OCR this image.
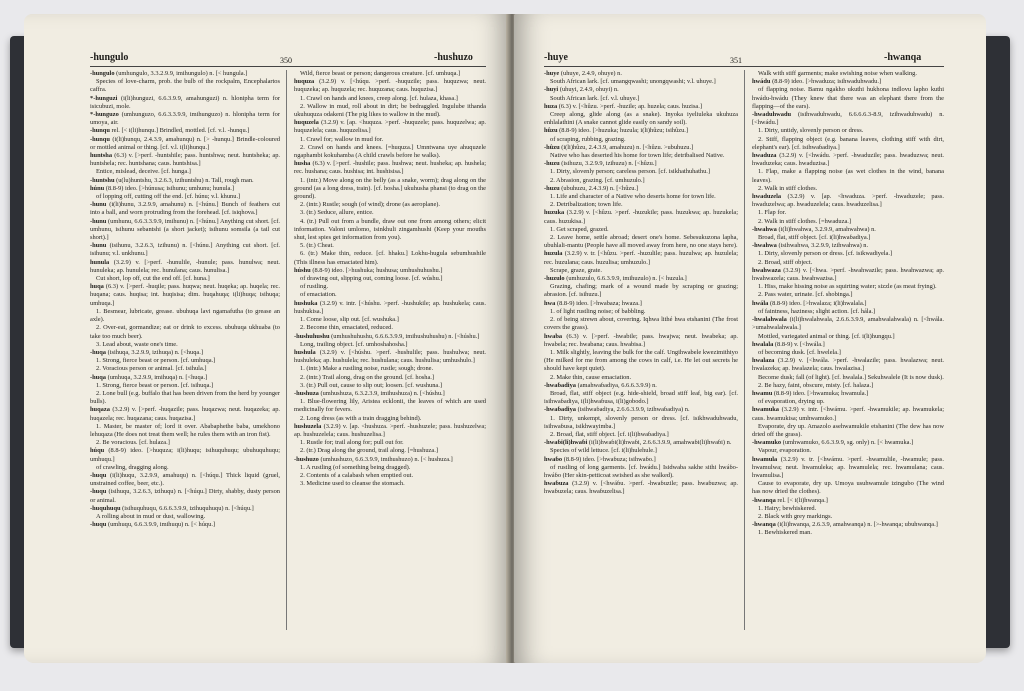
-hungulo	350	-hushuzo

-hungulo (umhungulo, 3.3.2.9.9, imihungulo) n. [< hungula.]

Species of love-charm, prob. the bulb of the rockpalm, Encephalartos caffra.

*-hunguzi (i(li)hunguzi, 6.6.3.9.9, amahunguzi) n. hlonipha term for isicubuzi, mole.

*-hunguzo (umhunguzo, 6.6.3.3.9.9, imihunguzo) n. hlonipha term for umoya, air.

-hunqu rel. [< i(li)hunqu.] Brindled, mottled. [cf. v.l. -hunqu.]

-hunqu (i(li)hunqu, 2.4.3.9, amahunqu) n. [> -hunqu.] Brindle-coloured or mottled animal or thing. [cf. v.l. i(li)hunqu.]

huntsha (6.3) v. [>perf. -huntshile; pass. huntshwa; neut. huntsheka; ap. huntshela; rec. huntshana; caus. huntshisa.]

Entice, mislead, deceive. [cf. hunga.]

-huntshu (u(lu)huntshu, 3.2.6.3, izihuntshu) n. Tall, rough man.

húnu (8.8-9) ideo. [>húnusa; isihunu; umhunu; hunula.]

of lopping off, cutting off the end. [cf. húnu; v.l. khunu.]

-hunu (i(li)hunu, 3.2.9.9, amahunu) n. [<húnu.] Bunch of feathers cut into a ball, and worn protruding from the forehead. [cf. isiqhova.]

-hunu (umhunu, 6.6.3.3.9.9, imihunu) n. [<húnu.] Anything cut short. [cf. umhunu, isihunu sebantshi (a short jacket); isihunu somsila (a tail cut short).]

-hunu (isihunu, 3.2.6.3, izihunu) n. [<húnu.] Anything cut short. [cf. isihunu; v.l. unkhunu.]

hunula (3.2.9) v. [>perf. -hunulile, -hunule; pass. hunulwa; neut. hunuleka; ap. hunulela; rec. hunulana; caus. hunulisa.]

Cut short, lop off, cut the end off. [cf. huna.]

huqa (6.3) v. [>perf. -huqile; pass. huqwa; neut. huqeka; ap. huqela; rec. huqana; caus. huqisa; int. huqisisa; dim. huqahuqa; i(li)huqa; isihuqa; umhuqa.]

1. Besmear, lubricate, grease. ubuhuqa lavi ngamafutha (to grease an axle).

2. Over-eat, gormandize; eat or drink to excess. ubuhuqa ukhuaba (to take too much beer).

3. Lead about, waste one's time.

-huqa (isihuqa, 3.2.9.9, izihuqa) n. [<huqa.]

1. Strong, fierce beast or person. [cf. umhuqa.]

2. Voracious person or animal. [cf. isihula.]

-huqa (umhuqa, 3.2.9.9, imihuqa) n. [<huqa.]

1. Strong, fierce beast or person. [cf. isihuqa.]

2. Lone bull (e.g. buffalo that has been driven from the herd by younger bulls).

huqaza (3.2.9) v. [>perf. -huqazile; pass. huqazwa; neut. huqazeka; ap. huqazela; rec. huqazana; caus. huqazisa.]

1. Master, be master of; lord it over. Ababaphethe baba, umekhono lehuqaza (He does not treat them well; he rules them with an iron fist).

2. Be voracious. [cf. hulaza.]

húqu (8.8-9) ideo. [>huquza; i(li)huqu; isihuquhuqu; ubuhuquhuqu; umhuqu.]

of crawling, dragging along.

-huqu (i(li)huqu, 3.2.9.9, amahuqu) n. [<húqu.] Thick liquid (gruel, unstrained coffee, beer, etc.).

-huqu (isihuqu, 3.2.6.3, izihuqu) n. [<húqu.] Dirty, shabby, dusty person or animal.

-huquhuqu (isihuquhuqu, 6.6.6.3.9.9, izihuquhuqu) n. [<húqu.]

A rolling about in mud or dust, wallowing.

-huqu (umhuqu, 6.6.3.9.9, imihuqu) n. [< húqu.]

Wild, fierce beast or person; dangerous creature. [cf. umhuqa.]

huquza (3.2.9) v. [<húqu. >perf. -huquzile; pass. huquzwa; neut. huquzeka; ap. huquzela; rec. huquzana; caus. huquzisa.]

1. Crawl on hands and knees, creep along. [cf. hulaza, khasa.]

2. Wallow in mud, roll about in dirt; be bedraggled. Ingulube ithanda ukuhuquza odakeni (The pig likes to wallow in the mud).

huquzela (3.2.9) v. [ap. <huquza. >perf. -huquzele; pass. huquzelwa; ap. huquzelela; caus. huquzelisa.]

1. Crawl for; wallow in mud for.

2. Crawl on hands and knees. [=huquza.] Umntwana uye ahuquzele ngaphambi kokuhamba (A child crawls before he walks).

husha (6.3) v. [>perf. -hushile; pass. hushwa; neut. husheka; ap. hushela; rec. hushana; caus. hushisa; int. hushisisa.]

1. (intr.) Move along on the belly (as a snake, worm); drag along on the ground (as a long dress, train). [cf. hosha.] ukuhusha phansi (to drag on the ground).

2. (intr.) Rustle; sough (of wind); drone (as aeroplane).

3. (tr.) Seduce, allure, entice.

4. (tr.) Pull out from a bundle, draw out one from among others; elicit information. Valoni umlomo, isinkhuli zingamhushi (Keep your mouths shut, lest spies get information from you).

5. (tr.) Cheat.

6. (tr.) Make thin, reduce. [cf. hhaku.] Lokhu-hugula sebumhushile (This illness has emaciated him).

húshu (8.8-9) ideo. [>hushuka; hushusa; umhushuhushu.]

of drawing out, slipping out, coming loose. [cf. wúshu.]

of rustling.

of emaciation.

hushuka (3.2.9) v. intr. [<húshu. >perf. -hushukile; ap. hushukela; caus. hushukisa.]

1. Come loose, slip out. [cf. wushuka.]

2. Become thin, emaciated, reduced.

-hushuhushu (umhushuhushu, 6.6.6.3.9.9, imihushuhushu) n. [<húshu.]

Long, trailing object. [cf. umhoshahosha.]

hushula (3.2.9) v. [<húshu. >perf. -hushulile; pass. hushulwa; neut. hushuleka; ap. hushulela; rec. hushulana; caus. hushulisa; umhushulo.]

1. (intr.) Make a rustling noise, rustle; sough; drone.

2. (intr.) Trail along, drag on the ground. [cf. hosha.]

3. (tr.) Pull out, cause to slip out; loosen. [cf. wushuna.]

-hushuza (umhushuza, 6.3.2.3.9, imihushuza) n. [<húshu.]

1. Blue-flowering lily, Aristea ecklonii, the leaves of which are used medicinally for fevers.

2. Long dress (as with a train dragging behind).

hushuzela (3.2.9) v. [ap. <hushuza. >perf. -hushuzele; pass. hushuzelwa; ap. hushuzelela; caus. hushuzelisa.]

1. Rustle for; trail along for; pull out for.

2. (tr.) Drag along the ground, trail along. [=hushuza.]

-hushuzo (umhushuzo, 6.6.3.9.9, imihushuzo) n. [< hushuza.]

1. A rustling (of something being dragged).

2. Contents of a calabash when emptied out.

3. Medicine used to cleanse the stomach.

-huye	351	-hwanqa

-huye (uhuye, 2.4.9, ohuye) n.

South African lark. [cf. umangqwashi; unongqwashi; v.l. uhuye.]

-huyi (uhuyi, 2.4.9, ohuyi) n.

South African lark. [cf. v.l. uhuye.]

huza (6.3) v. [<hûzu. >perf. -huzile; ap. huzela; caus. huzisa.]

Creep along, glide along (as a snake). Inyoka iyeliuleka ukuhuza enhlalathini (A snake cannot glide easily on sandy soil).

hûzu (8.8-9) ideo. [>huzuka; huzula; i(li)hûzu; isihûzu.]

of scraping, rubbing, grazing.

-hûzu (i(li)hûzu, 2.4.3.9, amahuzu) n. [<hûzu. >ubuhuzu.]

Native who has deserted his home for town life; detribalised Native.

-huzu (isihuzu, 3.2.9.9, izihuzu) n. [<hûzu.]

1. Dirty, slovenly person; careless person. [cf. isikhathuhathu.]

2. Abrasion, grazing. [cf. umhuzulo.]

-huzu (ubuhuzu, 2.4.3.9) n. [<hûzu.]

1. Life and character of a Native who deserts home for town life.

2. Detribalization; town life.

huzuka (3.2.9) v. [<hûzu. >perf. -huzukile; pass. huzukwa; ap. huzukela; caus. huzukisa.]

1. Get scraped, grazed.

2. Leave home, settle abroad; desert one's home. Sebesukuzona lapha, ubuhlali-mantu (People have all moved away from here, no one stays here).

huzula (3.2.9) v. tr. [<hûzu. >perf. -huzulile; pass. huzulwa; ap. huzulela; rec. huzulana; caus. huzulisa; umhuzulo.]

Scrape, graze, grate.

-huzulo (umhuzulo, 6.6.3.9.9, imihuzulo) n. [< huzula.]

Grazing, chafing; mark of a wound made by scraping or grazing; abrasion. [cf. isihuzu.]

hwa (8.8-9) ideo. [>hwabaza; hwaza.]

1. of light rustling noise; of babbling.

2. of being strewn about, covering. Iqhwa lithé hwa etshanini (The frost covers the grass).

hwaba (6.3) v. [>perf. -hwabile; pass. hwajwa; neut. hwabeka; ap. hwabela; rec. hwabana; caus. hwabisa.]

1. Milk slightly, leaving the bulk for the calf. Ungihwabele kwezimithiyo (He milked for me from among the cows in calf, i.e. He let out secrets he should have kept quiet).

2. Make thin, cause emaciation.

-hwaɓadiya (amahwaɓadiya, 6.6.6.3.9.9) n.

Broad, flat, stiff object (e.g. hide-shield, broad stiff leaf, big ear). [cf. isihwaɓadiya, i(li)hwaɓusa, i(li)gobodo.]

-hwaɓadiya (isihwaɓadiya, 2.6.6.3.9.9, izihwaɓadiya) n.

1. Dirty, unkempt, slovenly person or dress. [cf. isikhwaduhwadu, isihwaɓusa, isikhwayimba.]

2. Broad, flat, stiff object. [cf. i(li)hwaɓadiya.]

-hwaɓi(li)hwaɓi (i(li)hwaɓi(li)hwaɓi, 2.6.6.3.9.9, amahwaɓi(li)hwaɓi) n.

Species of wild lettuce. [cf. i(li)hulehule.]

hwaɓo (8.8-9) ideo. [>hwaɓuza; isihwaɓo.]

of rustling of long garments. [cf. hwádu.] Isidwaba sakhe sithi hwáɓo-hwáɓo (Her skin-petticoat swished as she walked).

hwaɓuza (3.2.9) v. [<hwáɓu. >perf. -hwaɓuzile; pass. hwaɓuzwa; ap. hwaɓuzela; caus. hwaɓuzelisa.]

Walk with stiff garments; make swishing noise when walking.

hwádu (8.8-9) ideo. [>hwaduza; isihwaduhwadu.]

of flapping noise. Bamu ngakho ukuthi hukhona indlovu lapho kuthi hwádu-hwádu (They knew that there was an elephant there from the flapping—of the ears).

-hwaduhwadu (isihwaduhwadu, 6.6.6.6.3-8.9, izihwaduhwadu) n. [<hwádu.]

1. Dirty, untidy, slovenly person or dress.

2. Stiff, flapping object (e.g. banana leaves, clothing stiff with dirt, elephant's ear). [cf. isihwaɓadiya.]

hwaduza (3.2.9) v. [<hwádu. >perf. -hwaduzile; pass. hwaduzwa; neut. hwaduzeka; caus. hwaduzisa.]

1. Flap, make a flapping noise (as wet clothes in the wind, banana leaves).

2. Walk in stiff clothes.

hwaduzela (3.2.9) v. [ap. <hwaduza. >perf. -hwaduzele; pass. hwaduzelwa; ap. hwaduzelela; caus. hwaduzelisa.]

1. Flap for.

2. Walk in stiff clothes. [=hwaduza.]

-hwahwa (i(li)hwahwa, 3.2.9.9, amahwahwa) n.

Broad, flat, stiff object. [cf. i(li)hwaɓadiya.]

-hwahwa (isihwahwa, 3.2.9.9, izihwahwa) n.

1. Dirty, slovenly person or dress. [cf. isikwadiyela.]

2. Broad, stiff object.

hwahwaza (3.2.9) v. [<hwa. >perf. -hwahwazile; pass. hwahwazwa; ap. hwahwazela; caus. hwahwazisa.]

1. Hiss, make hissing noise as squirting water; sizzle (as meat frying).

2. Pass water, urinate. [cf. shobinga.]

hwála (8.8-9) ideo. [>hwalaza; i(li)hwalala.]

of faintness, haziness; slight action. [cf. hála.]

-hwalahwala (i(li)hwalahwala, 2.6.6.3.9.9, amahwalahwala) n. [<hwála. >umahwalahwala.]

Mottled, variegated animal or thing. [cf. i(li)hungqu.]

hwalala (8.8-9) v. [<hwála.]

of becoming dusk. [cf. hwelela.]

hwalaza (3.2.9) v. [<hwála. >perf. -hwalazile; pass. hwalazwa; neut. hwalazeka; ap. hwalazela; caus. hwalazisa.]

Become dusk; fall (of light). [cf. hwalala.] Sekuhwalele (It is now dusk).

2. Be hazy, faint, obscure, misty. [cf. halaza.]

hwamu (8.8-9) ideo. [>hwamuka; hwamula.]

of evaporation, drying up.

hwamuka (3.2.9) v. intr. [<hwámu. >perf. -hwamukile; ap. hwamukela; caus. hwamukisa; umhwamuko.]

Evaporate, dry up. Amazolo asehwamukile etshanini (The dew has now dried off the grass).

-hwamuko (umhwamuko, 6.6.3.9.9, sg. only) n. [< hwamuka.]

Vapour, evaporation.

hwamula (3.2.9) v. tr. [<hwámu. >perf. -hwamulile, -hwamule; pass. hwamulwa; neut. hwamuleka; ap. hwamulela; rec. hwamulana; caus. hwamulisa.]

Cause to evaporate, dry up. Umoya usuhwamule izingubo (The wind has now dried the clothes).

-hwanqa rel. [< i(li)hwanqa.]

1. Hairy; bewhiskered.

2. Black with grey markings.

-hwanqa (i(li)hwanqa, 2.6.3.9, amahwanqa) n. [>-hwanqa; ubuhwanqa.]

1. Bewhiskered man.
